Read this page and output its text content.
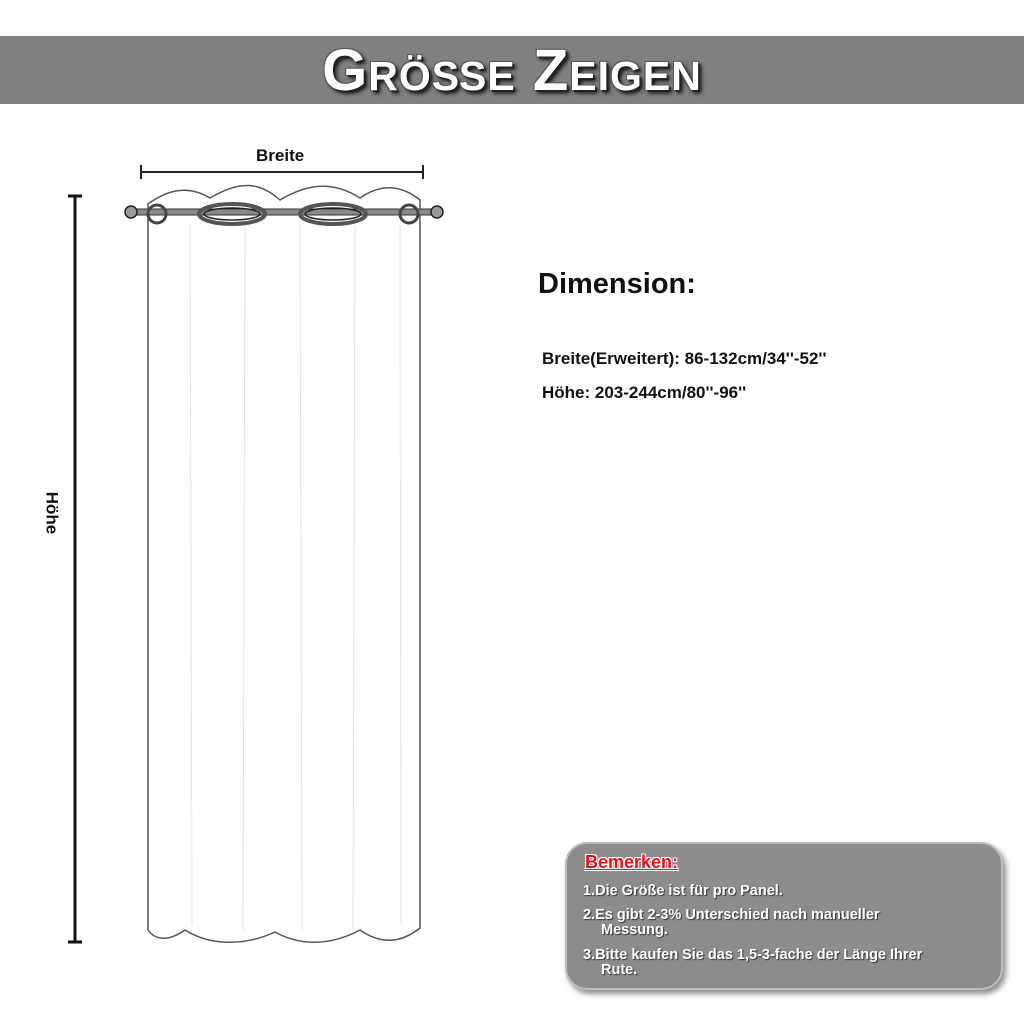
Größe Zeigen
Breite
Höhe
Dimension:
Breite(Erweitert): 86-132cm/34''-52''
Höhe: 203-244cm/80''-96''
Bemerken:
1.Die Größe ist für pro Panel.
2.Es gibt 2-3% Unterschied nach manueller
Messung.
3.Bitte kaufen Sie das 1,5-3-fache der Länge Ihrer
Rute.
